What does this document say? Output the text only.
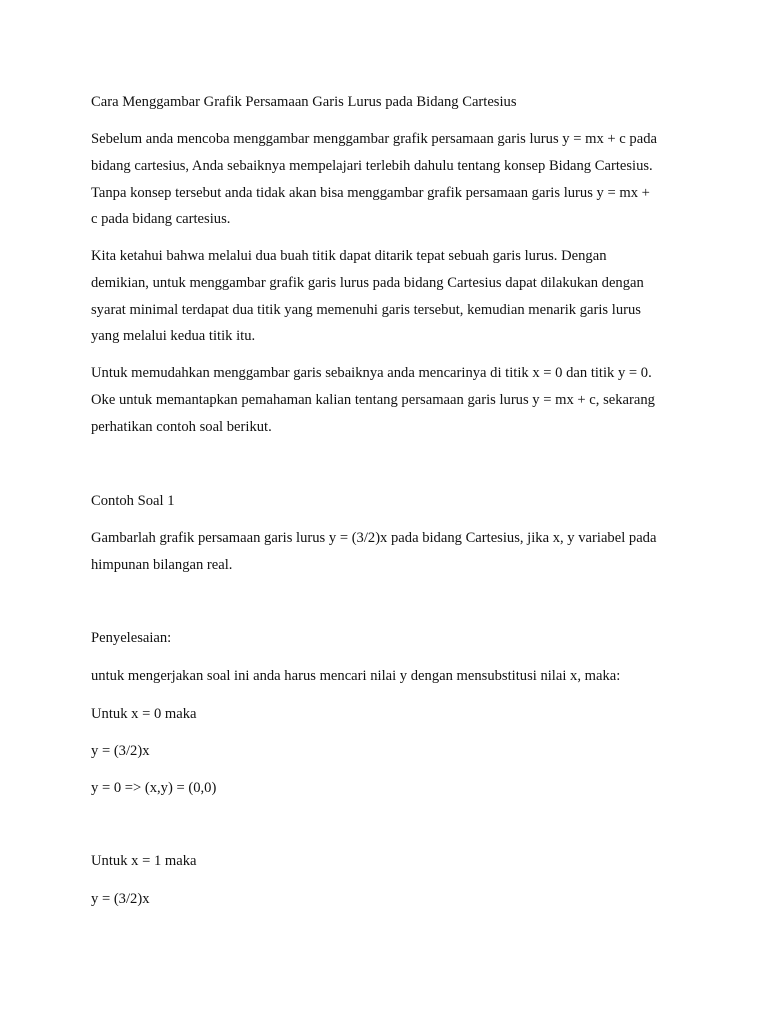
Cara Menggambar Grafik Persamaan Garis Lurus pada Bidang Cartesius

Sebelum anda mencoba menggambar menggambar grafik persamaan garis lurus y = mx + c pada
bidang cartesius, Anda sebaiknya mempelajari terlebih dahulu tentang konsep Bidang Cartesius.
Tanpa konsep tersebut anda tidak akan bisa menggambar grafik persamaan garis lurus y = mx +
c pada bidang cartesius.

Kita ketahui bahwa melalui dua buah titik dapat ditarik tepat sebuah garis lurus. Dengan
demikian, untuk menggambar grafik garis lurus pada bidang Cartesius dapat dilakukan dengan
syarat minimal terdapat dua titik yang memenuhi garis tersebut, kemudian menarik garis lurus
yang melalui kedua titik itu.

Untuk memudahkan menggambar garis sebaiknya anda mencarinya di titik x = 0 dan titik y = 0.
Oke untuk memantapkan pemahaman kalian tentang persamaan garis lurus y = mx + c, sekarang
perhatikan contoh soal berikut.

Contoh Soal 1

Gambarlah grafik persamaan garis lurus y = (3/2)x pada bidang Cartesius, jika x, y variabel pada
himpunan bilangan real.

Penyelesaian:

untuk mengerjakan soal ini anda harus mencari nilai y dengan mensubstitusi nilai x, maka:

Untuk x = 0 maka

y = (3/2)x

y = 0 => (x,y) = (0,0)

Untuk x = 1 maka

y = (3/2)x
